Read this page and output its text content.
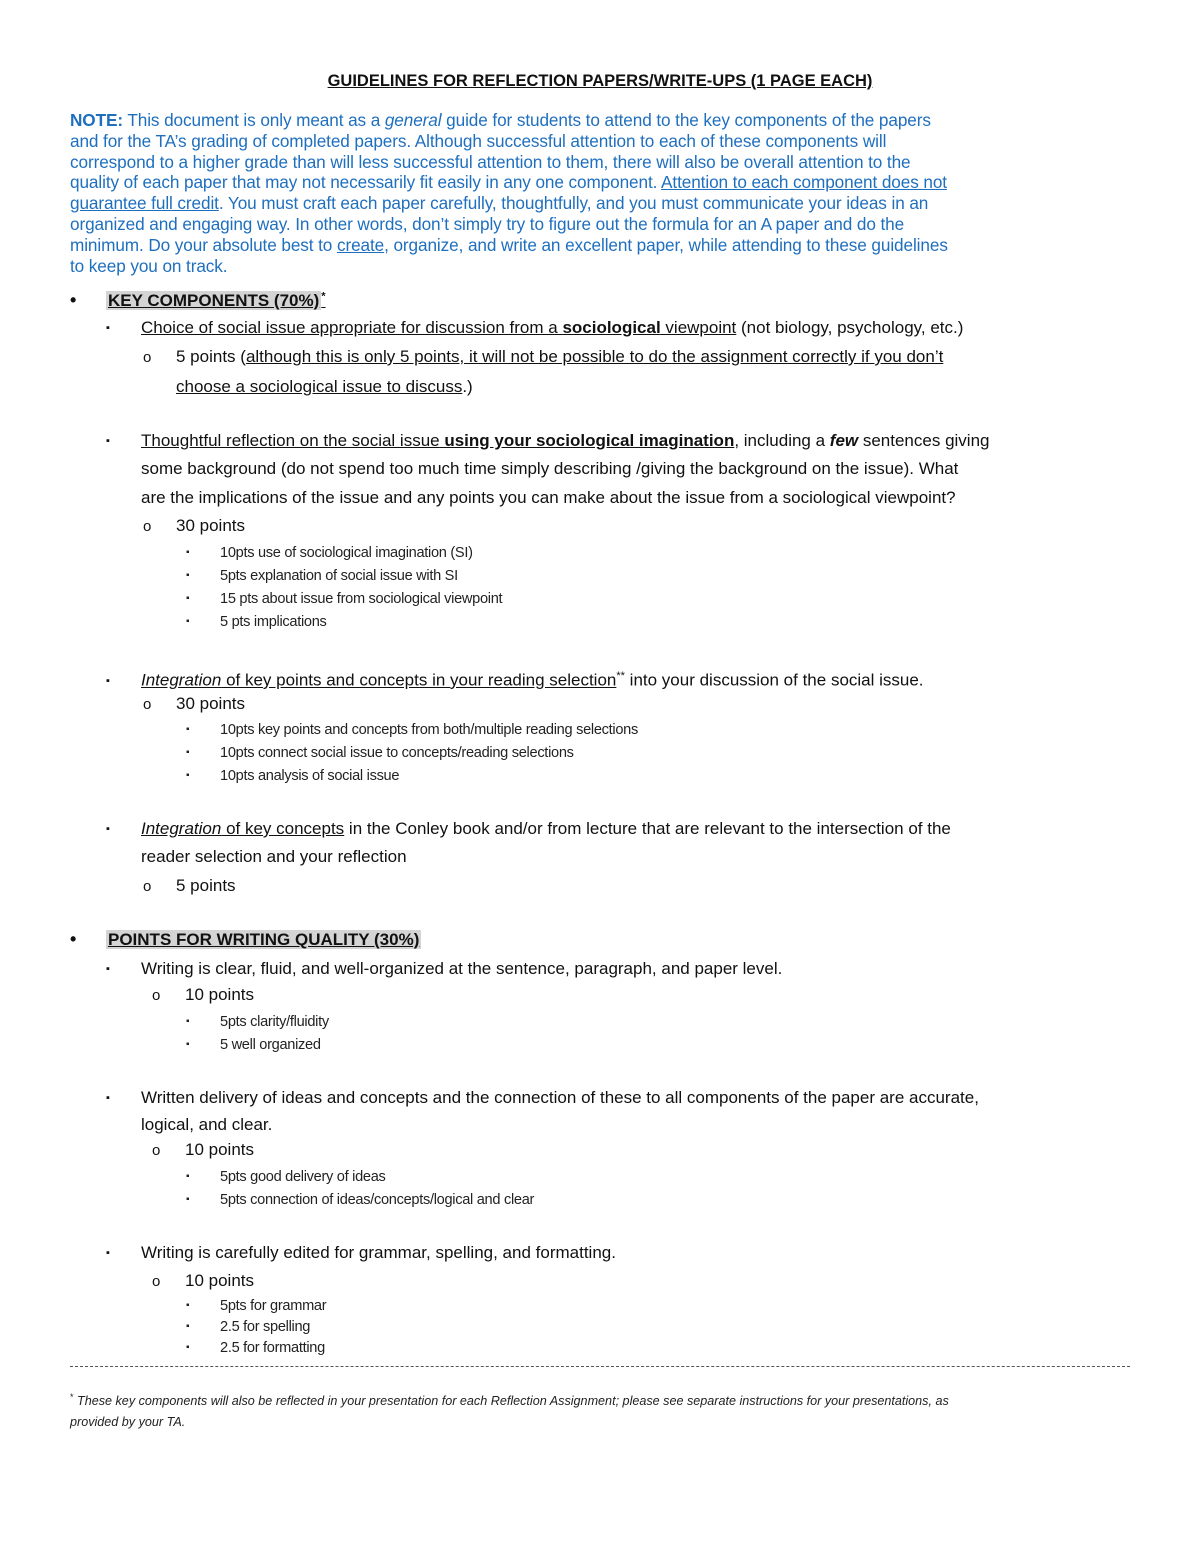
GUIDELINES FOR REFLECTION PAPERS/WRITE-UPS (1 PAGE EACH)
NOTE: This document is only meant as a general guide for students to attend to the key components of the papers
and for the TA’s grading of completed papers. Although successful attention to each of these components will
correspond to a higher grade than will less successful attention to them, there will also be overall attention to the
quality of each paper that may not necessarily fit easily in any one component. Attention to each component does not
guarantee full credit. You must craft each paper carefully, thoughtfully, and you must communicate your ideas in an
organized and engaging way. In other words, don’t simply try to figure out the formula for an A paper and do the
minimum. Do your absolute best to create, organize, and write an excellent paper, while attending to these guidelines
to keep you on track.
• KEY COMPONENTS (70%) *
▪ Choice of social issue appropriate for discussion from a sociological viewpoint (not biology, psychology, etc.)
o 5 points (although this is only 5 points, it will not be possible to do the assignment correctly if you don’t
choose a sociological issue to discuss.)
▪ Thoughtful reflection on the social issue using your sociological imagination, including a few sentences giving
some background (do not spend too much time simply describing /giving the background on the issue). What
are the implications of the issue and any points you can make about the issue from a sociological viewpoint?
o 30 points
▪ 10pts use of sociological imagination (SI)
▪ 5pts explanation of social issue with SI
▪ 15 pts about issue from sociological viewpoint
▪ 5 pts implications
▪ Integration of key points and concepts in your reading selection** into your discussion of the social issue.
o 30 points
▪ 10pts key points and concepts from both/multiple reading selections
▪ 10pts connect social issue to concepts/reading selections
▪ 10pts analysis of social issue
▪ Integration of key concepts in the Conley book and/or from lecture that are relevant to the intersection of the
reader selection and your reflection
o 5 points
• POINTS FOR WRITING QUALITY (30%)
▪ Writing is clear, fluid, and well-organized at the sentence, paragraph, and paper level.
o 10 points
▪ 5pts clarity/fluidity
▪ 5 well organized
▪ Written delivery of ideas and concepts and the connection of these to all components of the paper are accurate,
logical, and clear.
o 10 points
▪ 5pts good delivery of ideas
▪ 5pts connection of ideas/concepts/logical and clear
▪ Writing is carefully edited for grammar, spelling, and formatting.
o 10 points
▪ 5pts for grammar
▪ 2.5 for spelling
▪ 2.5 for formatting
* These key components will also be reflected in your presentation for each Reflection Assignment; please see separate instructions for your presentations, as
provided by your TA.
